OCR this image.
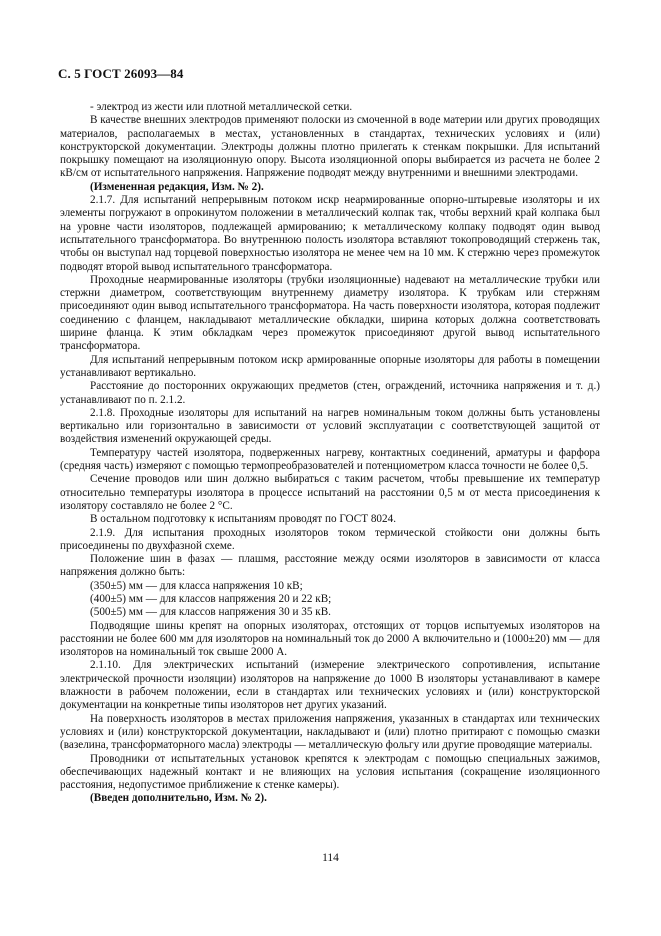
С. 5 ГОСТ 26093—84

- электрод из жести или плотной металлической сетки.

В качестве внешних электродов применяют полоски из смоченной в воде материи или других проводящих материалов, располагаемых в местах, установленных в стандартах, технических условиях и (или) конструкторской документации. Электроды должны плотно прилегать к стенкам покрышки. Для испытаний покрышку помещают на изоляционную опору. Высота изоляционной опоры выбирается из расчета не более 2 кВ/см от испытательного напряжения. Напряжение подводят между внутренними и внешними электродами.

(Измененная редакция, Изм. № 2).

2.1.7. Для испытаний непрерывным потоком искр неармированные опорно-штыревые изоляторы и их элементы погружают в опрокинутом положении в металлический колпак так, чтобы верхний край колпака был на уровне части изоляторов, подлежащей армированию; к металлическому колпаку подводят один вывод испытательного трансформатора. Во внутреннюю полость изолятора вставляют токопроводящий стержень так, чтобы он выступал над торцевой поверхностью изолятора не менее чем на 10 мм. К стержню через промежуток подводят второй вывод испытательного трансформатора.

Проходные неармированные изоляторы (трубки изоляционные) надевают на металлические трубки или стержни диаметром, соответствующим внутреннему диаметру изолятора. К трубкам или стержням присоединяют один вывод испытательного трансформатора. На часть поверхности изолятора, которая подлежит соединению с фланцем, накладывают металлические обкладки, ширина которых должна соответствовать ширине фланца. К этим обкладкам через промежуток присоединяют другой вывод испытательного трансформатора.

Для испытаний непрерывным потоком искр армированные опорные изоляторы для работы в помещении устанавливают вертикально.

Расстояние до посторонних окружающих предметов (стен, ограждений, источника напряжения и т. д.) устанавливают по п. 2.1.2.

2.1.8. Проходные изоляторы для испытаний на нагрев номинальным током должны быть установлены вертикально или горизонтально в зависимости от условий эксплуатации с соответствующей защитой от воздействия изменений окружающей среды.

Температуру частей изолятора, подверженных нагреву, контактных соединений, арматуры и фарфора (средняя часть) измеряют с помощью термопреобразователей и потенциометром класса точности не более 0,5.

Сечение проводов или шин должно выбираться с таким расчетом, чтобы превышение их температур относительно температуры изолятора в процессе испытаний на расстоянии 0,5 м от места присоединения к изолятору составляло не более 2 °С.

В остальном подготовку к испытаниям проводят по ГОСТ 8024.

2.1.9. Для испытания проходных изоляторов током термической стойкости они должны быть присоединены по двухфазной схеме.

Положение шин в фазах — плашмя, расстояние между осями изоляторов в зависимости от класса напряжения должно быть:

(350±5) мм — для класса напряжения 10 кВ;

(400±5) мм — для классов напряжения 20 и 22 кВ;

(500±5) мм — для классов напряжения 30 и 35 кВ.

Подводящие шины крепят на опорных изоляторах, отстоящих от торцов испытуемых изоляторов на расстоянии не более 600 мм для изоляторов на номинальный ток до 2000 А включительно и (1000±20) мм — для изоляторов на номинальный ток свыше 2000 А.

2.1.10. Для электрических испытаний (измерение электрического сопротивления, испытание электрической прочности изоляции) изоляторов на напряжение до 1000 В изоляторы устанавливают в камере влажности в рабочем положении, если в стандартах или технических условиях и (или) конструкторской документации на конкретные типы изоляторов нет других указаний.

На поверхность изоляторов в местах приложения напряжения, указанных в стандартах или технических условиях и (или) конструкторской документации, накладывают и (или) плотно притирают с помощью смазки (вазелина, трансформаторного масла) электроды — металлическую фольгу или другие проводящие материалы.

Проводники от испытательных установок крепятся к электродам с помощью специальных зажимов, обеспечивающих надежный контакт и не влияющих на условия испытания (сокращение изоляционного расстояния, недопустимое приближение к стенке камеры).

(Введен дополнительно, Изм. № 2).

114
